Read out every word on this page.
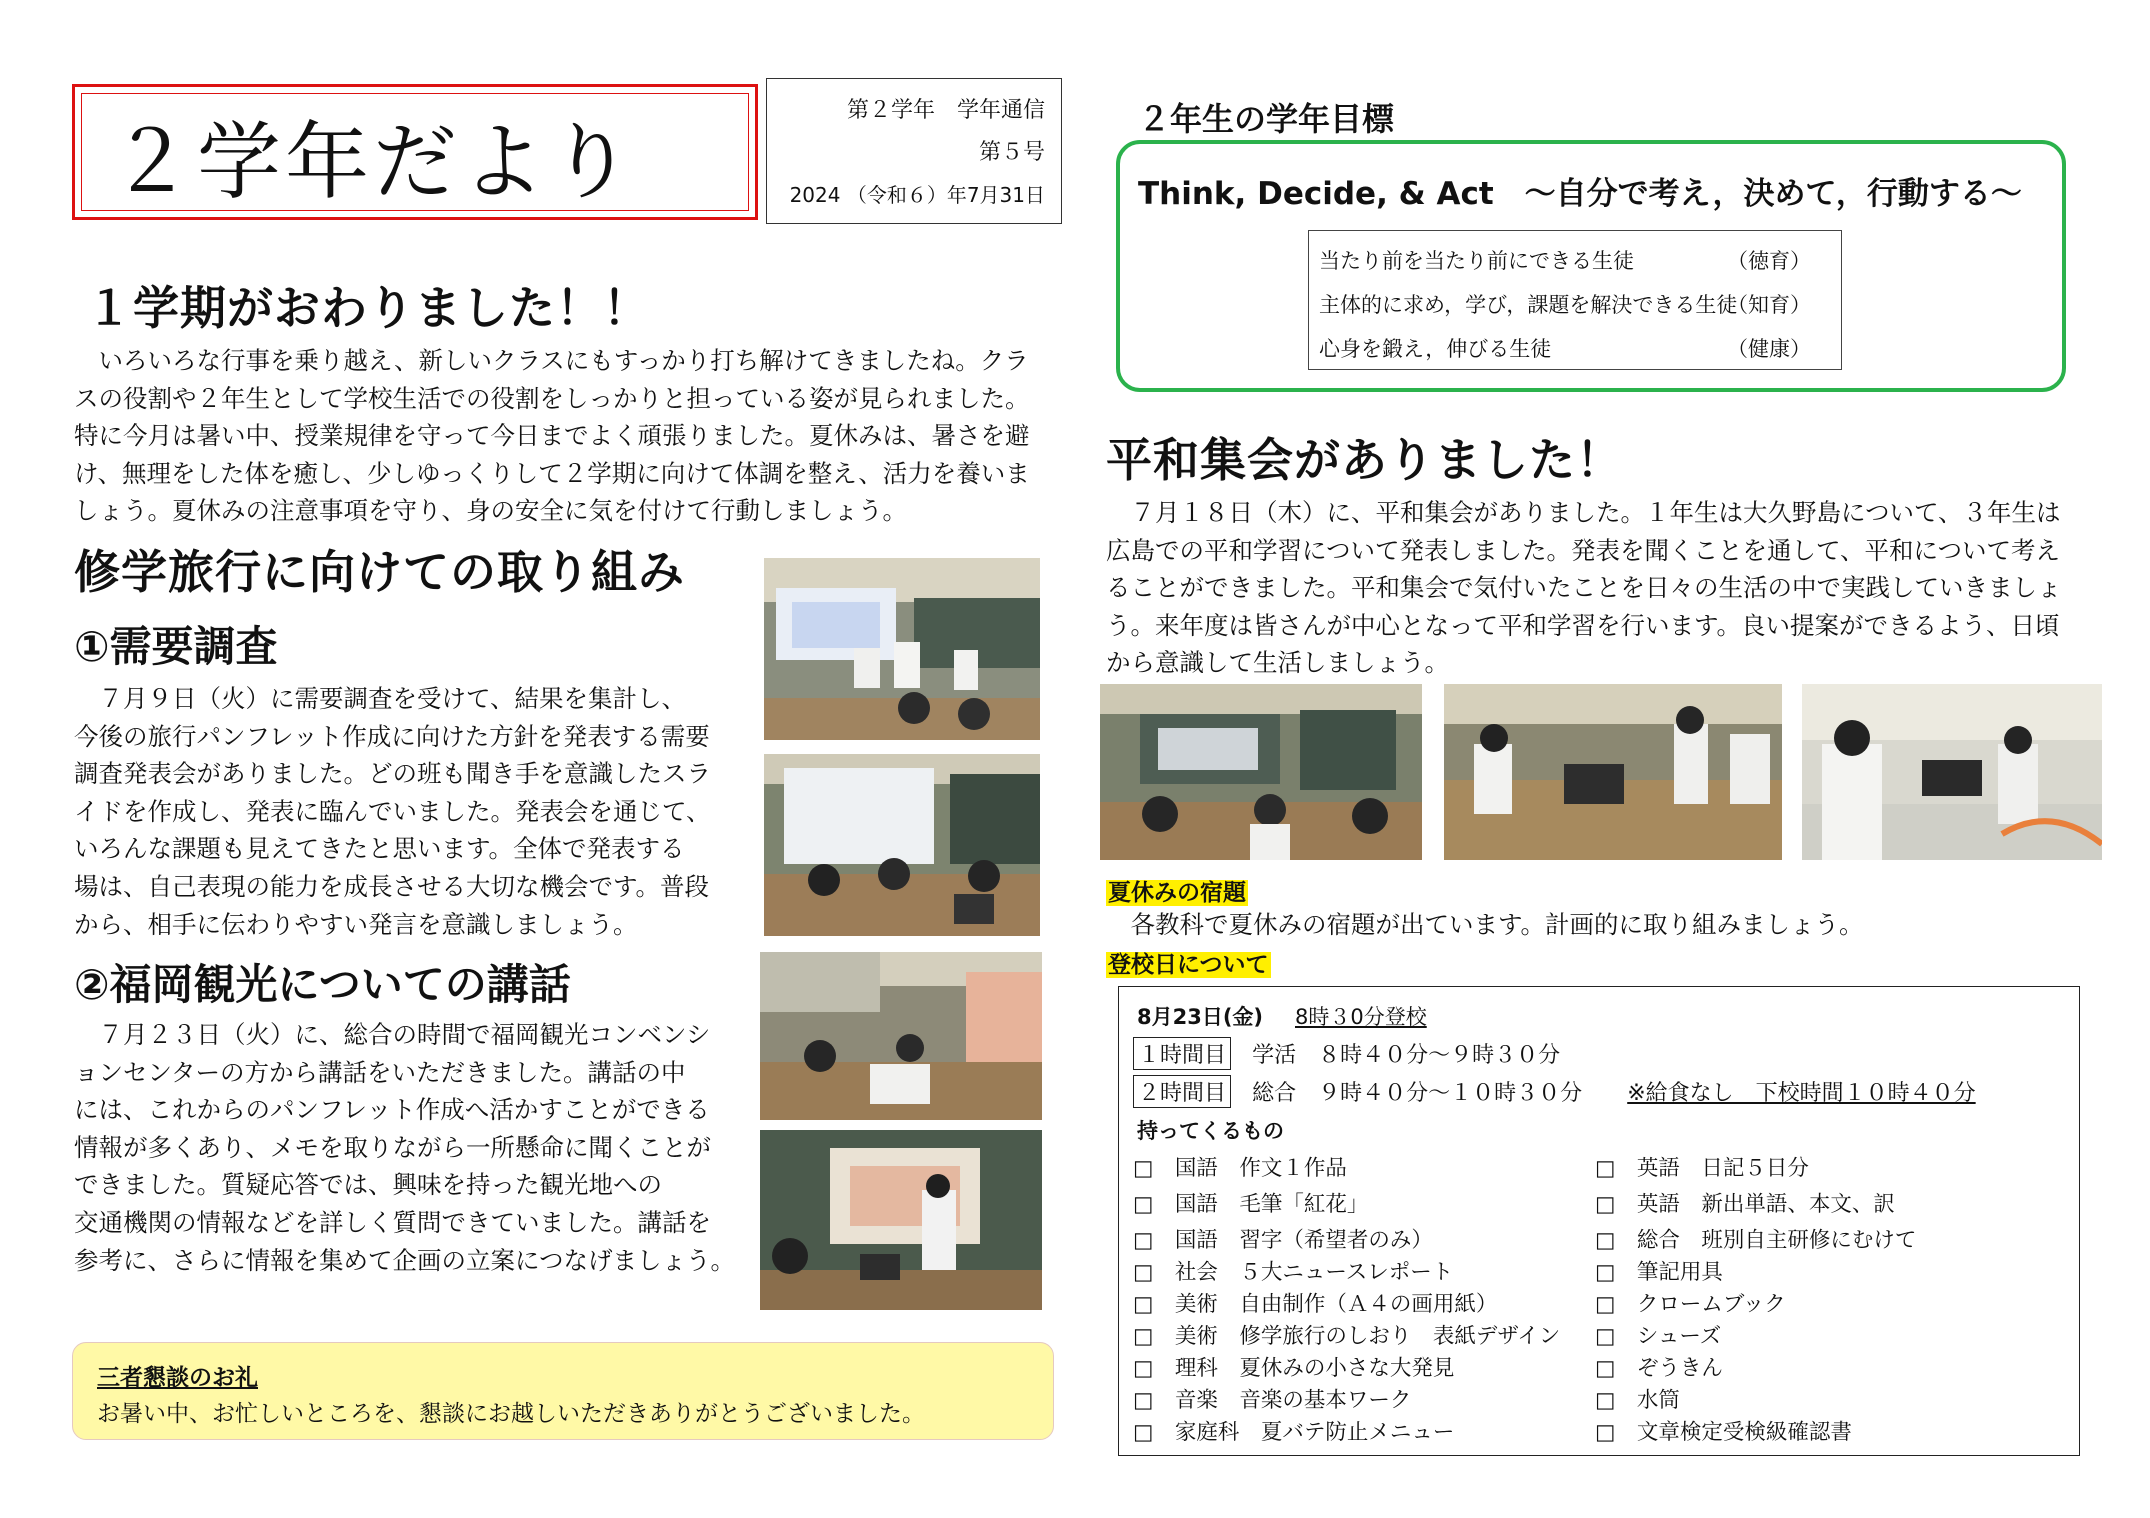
２学年だより
第２学年　学年通信
第５号
2024 （令和６）年7月31日
１学期がおわりました！！

　いろいろな行事を乗り越え、新しいクラスにもすっかり打ち解けてきましたね。クラ

スの役割や２年生として学校生活での役割をしっかりと担っている姿が見られました。

特に今月は暑い中、授業規律を守って今日までよく頑張りました。夏休みは、暑さを避

け、無理をした体を癒し、少しゆっくりして２学期に向けて体調を整え、活力を養いま

しょう。夏休みの注意事項を守り、身の安全に気を付けて行動しましょう。

修学旅行に向けての取り組み
①需要調査

　７月９日（火）に需要調査を受けて、結果を集計し、

今後の旅行パンフレット作成に向けた方針を発表する需要

調査発表会がありました。どの班も聞き手を意識したスラ

イドを作成し、発表に臨んでいました。発表会を通じて、

いろんな課題も見えてきたと思います。全体で発表する

場は、自己表現の能力を成長させる大切な機会です。普段

から、相手に伝わりやすい発言を意識しましょう。

②福岡観光についての講話

　７月２３日（火）に、総合の時間で福岡観光コンベンシ

ョンセンターの方から講話をいただきました。講話の中

には、これからのパンフレット作成へ活かすことができる

情報が多くあり、メモを取りながら一所懸命に聞くことが

できました。質疑応答では、興味を持った観光地への

交通機関の情報などを詳しく質問できていました。講話を

参考に、さらに情報を集めて企画の立案につなげましょう。

２年生の学年目標
Think, Decide, & Act　～自分で考え，決めて，行動する～
当たり前を当たり前にできる生徒	（徳育）
主体的に求め，学び，課題を解決できる生徒
（知育）
心身を鍛え，伸びる生徒	（健康）
平和集会がありました！

　７月１８日（木）に、平和集会がありました。１年生は大久野島について、３年生は

広島での平和学習について発表しました。発表を聞くことを通して、平和について考え

ることができました。平和集会で気付いたことを日々の生活の中で実践していきましょ

う。来年度は皆さんが中心となって平和学習を行います。良い提案ができるよう、日頃

から意識して生活しましょう。

夏休みの宿題
　各教科で夏休みの宿題が出ています。計画的に取り組みましょう。
登校日について
8月23日(金) 8時３0分登校
１時間目 学活　８時４０分～９時３０分
２時間目 総合　９時４０分～１０時３０分 ※給食なし　下校時間１０時４０分
持ってくるもの
□　国語　作文１作品
□　国語　毛筆「紅花」
□　国語　習字（希望者のみ）
□　社会　５大ニュースレポート
□　美術　自由制作（Ａ４の画用紙）
□　美術　修学旅行のしおり　表紙デザイン
□　理科　夏休みの小さな大発見
□　音楽　音楽の基本ワーク
□　家庭科　夏バテ防止メニュー
□　英語　日記５日分
□　英語　新出単語、本文、訳
□　総合　班別自主研修にむけて
□　筆記用具
□　クロームブック
□　シューズ
□　ぞうきん
□　水筒
□　文章検定受検級確認書
三者懇談のお礼
お暑い中、お忙しいところを、懇談にお越しいただきありがとうございました。
